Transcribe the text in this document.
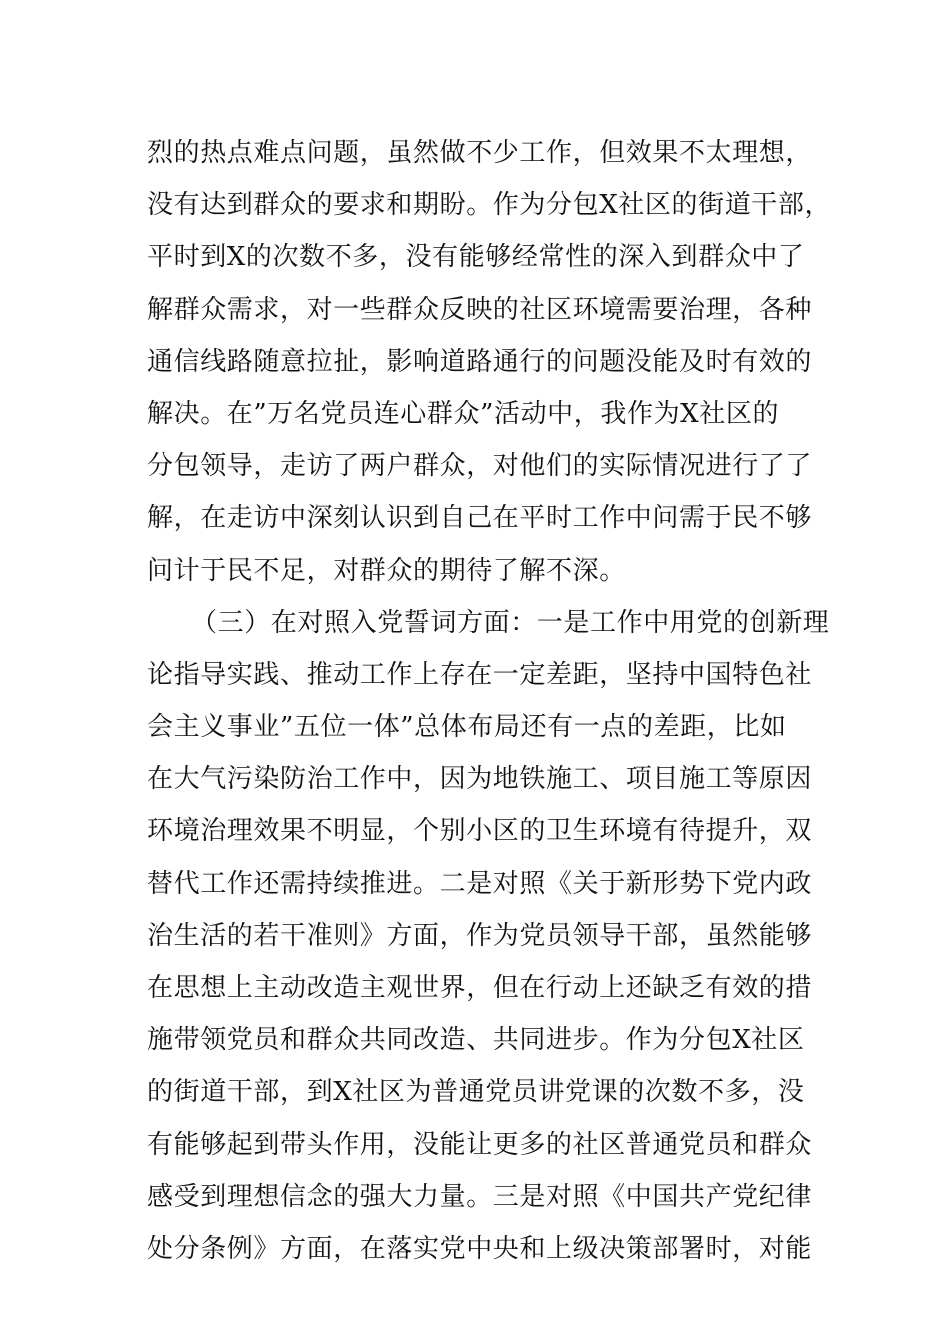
烈的热点难点问题，虽然做不少工作，但效果不太理想，
没有达到群众的要求和期盼。作为分包X社区的街道干部，
平时到X的次数不多，没有能够经常性的深入到群众中了
解群众需求，对一些群众反映的社区环境需要治理，各种
通信线路随意拉扯，影响道路通行的问题没能及时有效的
解决。在”万名党员连心群众”活动中，我作为X社区的
分包领导，走访了两户群众，对他们的实际情况进行了了
解，在走访中深刻认识到自己在平时工作中问需于民不够
问计于民不足，对群众的期待了解不深。
（三）在对照入党誓词方面：一是工作中用党的创新理
论指导实践、推动工作上存在一定差距，坚持中国特色社
会主义事业”五位一体”总体布局还有一点的差距，比如
在大气污染防治工作中，因为地铁施工、项目施工等原因
环境治理效果不明显，个别小区的卫生环境有待提升，双
替代工作还需持续推进。二是对照《关于新形势下党内政
治生活的若干准则》方面，作为党员领导干部，虽然能够
在思想上主动改造主观世界，但在行动上还缺乏有效的措
施带领党员和群众共同改造、共同进步。作为分包X社区
的街道干部，到X社区为普通党员讲党课的次数不多，没
有能够起到带头作用，没能让更多的社区普通党员和群众
感受到理想信念的强大力量。三是对照《中国共产党纪律
处分条例》方面，在落实党中央和上级决策部署时，对能
